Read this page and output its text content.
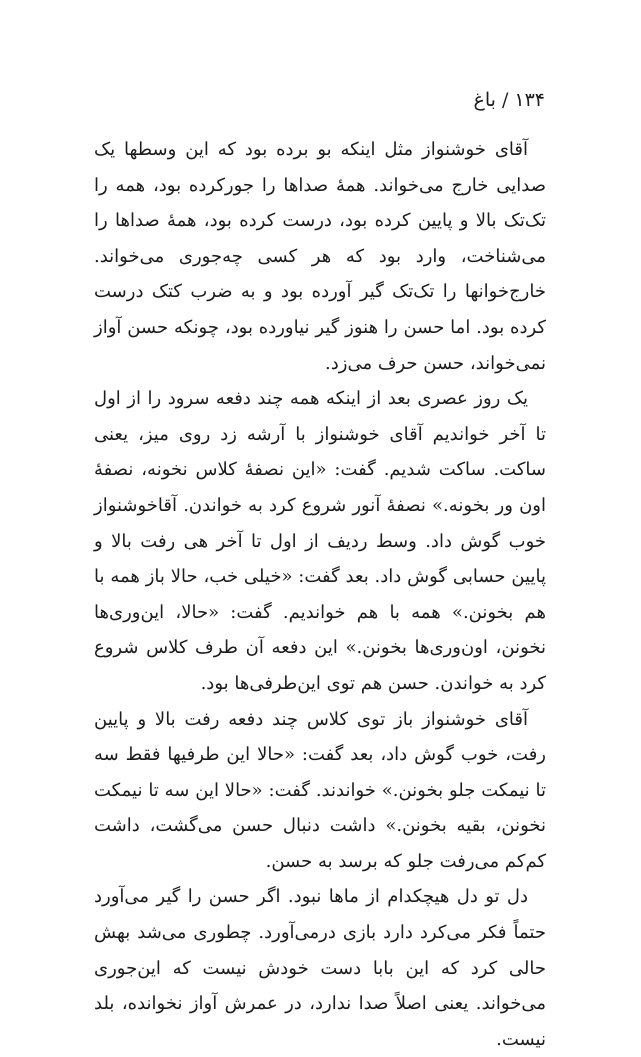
۱۳۴/باغ

آقای خوشنواز مثل اینکه بو برده بود که این وسطها یک صدایی خارج می‌خواند. همهٔ صداها را جورکرده بود، همه را تک‌تک بالا و پایین کرده بود، درست کرده بود، همهٔ صداها را می‌شناخت، وارد بود که هر کسی چه‌جوری می‌خواند. خارج‌خوانها را تک‌تک گیر آورده بود و به ضرب کتک درست کرده بود. اما حسن را هنوز گیر نیاورده بود، چونکه حسن آواز نمی‌خواند، حسن حرف می‌زد.

یک روز عصری بعد از اینکه همه چند دفعه سرود را از اول تا آخر خواندیم آقای خوشنواز با آرشه زد روی میز، یعنی ساکت. ساکت شدیم. گفت: «این نصفهٔ کلاس نخونه، نصفهٔ اون ور بخونه.» نصفهٔ آنور شروع کرد به خواندن. آقاخوشنواز خوب گوش داد. وسط ردیف از اول تا آخر هی رفت بالا و پایین حسابی گوش داد. بعد گفت: «خیلی خب، حالا باز همه با هم بخونن.» همه با هم خواندیم. گفت: «حالا، این‌وری‌ها نخونن، اون‌وری‌ها بخونن.» این دفعه آن طرف کلاس شروع کرد به خواندن. حسن هم توی این‌طرفی‌ها بود.

آقای خوشنواز باز توی کلاس چند دفعه رفت بالا و پایین رفت، خوب گوش داد، بعد گفت: «حالا این طرفیها فقط سه تا نیمکت جلو بخونن.» خواندند. گفت: «حالا این سه تا نیمکت نخونن، بقیه بخونن.» داشت دنبال حسن می‌گشت، داشت کم‌کم می‌رفت جلو که برسد به حسن.

دل تو دل هیچکدام از ماها نبود. اگر حسن را گیر می‌آورد حتماً فکر می‌کرد دارد بازی درمی‌آورد. چطوری می‌شد بهش حالی کرد که این بابا دست خودش نیست که این‌جوری می‌خواند. یعنی اصلاً صدا ندارد، در عمرش آواز نخوانده، بلد نیست.
